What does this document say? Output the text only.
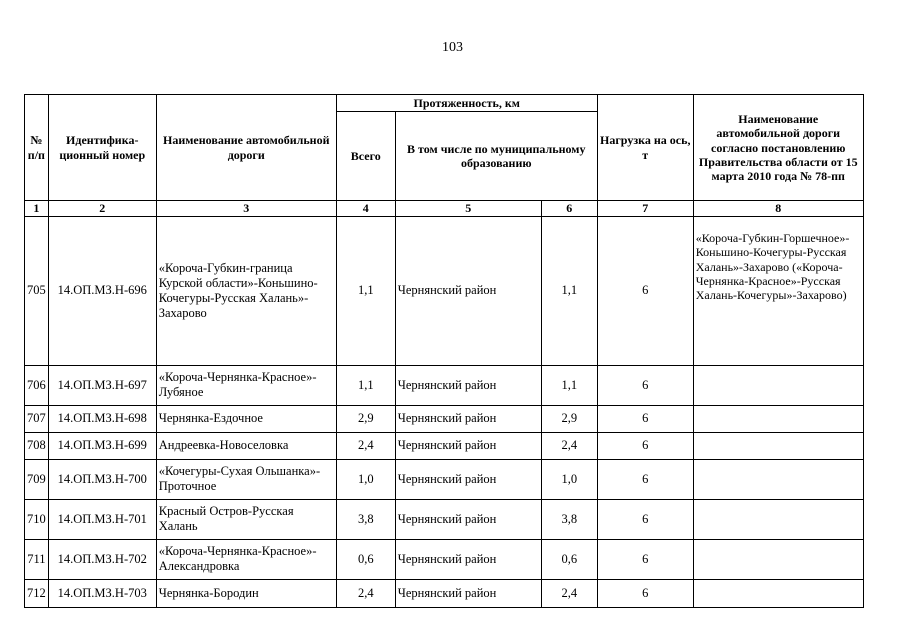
103
№ п/п	Идентифика-ционный номер	Наименование автомобильной дороги	Протяженность, км			Нагрузка на ось, т	Наименование автомобильной дороги согласно постановлению Правительства области от 15 марта 2010 года № 78-пп
			Всего	В том числе по муниципальному образованию			
1	2	3	4	5	6	7	8
705	14.ОП.МЗ.Н-696	«Короча-Губкин-граница Курской области»-Коньшино-Кочегуры-Русская Халань»-Захарово	1,1	Чернянский район	1,1	6	«Короча-Губкин-Горшечное»-Коньшино-Кочегуры-Русская Халань»-Захарово («Короча-Чернянка-Красное»-Русская Халань-Кочегуры»-Захарово)
706	14.ОП.МЗ.Н-697	«Короча-Чернянка-Красное»-Лубяное	1,1	Чернянский район	1,1	6	
707	14.ОП.МЗ.Н-698	Чернянка-Ездочное	2,9	Чернянский район	2,9	6	
708	14.ОП.МЗ.Н-699	Андреевка-Новоселовка	2,4	Чернянский район	2,4	6	
709	14.ОП.МЗ.Н-700	«Кочегуры-Сухая Ольшанка»-Проточное	1,0	Чернянский район	1,0	6	
710	14.ОП.МЗ.Н-701	Красный Остров-Русская Халань	3,8	Чернянский район	3,8	6	
711	14.ОП.МЗ.Н-702	«Короча-Чернянка-Красное»-Александровка	0,6	Чернянский район	0,6	6	
712	14.ОП.МЗ.Н-703	Чернянка-Бородин	2,4	Чернянский район	2,4	6	
